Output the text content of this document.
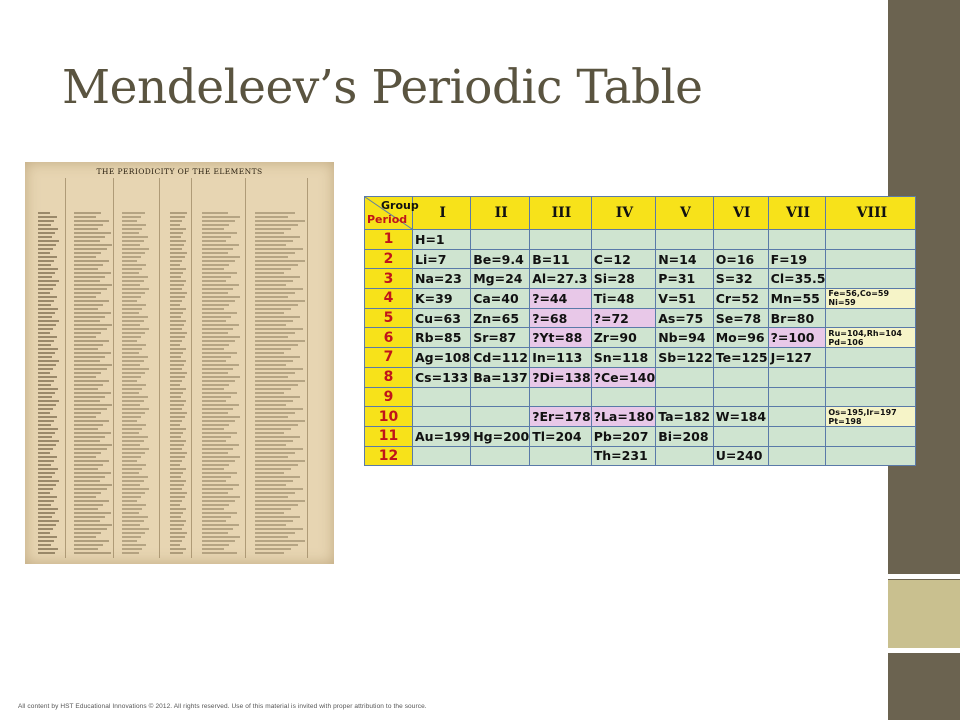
Mendeleev’s Periodic Table
THE PERIODICITY OF THE ELEMENTS
Group
Period	I	II	III	IV	V	VI	VII	VIII
1	H=1							
2	Li=7	Be=9.4	B=11	C=12	N=14	O=16	F=19	
3	Na=23	Mg=24	Al=27.3	Si=28	P=31	S=32	Cl=35.5	
4	K=39	Ca=40	?=44	Ti=48	V=51	Cr=52	Mn=55	Fe=56,Co=59 Ni=59
5	Cu=63	Zn=65	?=68	?=72	As=75	Se=78	Br=80	
6	Rb=85	Sr=87	?Yt=88	Zr=90	Nb=94	Mo=96	?=100	Ru=104,Rh=104 Pd=106
7	Ag=108	Cd=112	In=113	Sn=118	Sb=122	Te=125	J=127	
8	Cs=133	Ba=137	?Di=138	?Ce=140				
9								
10			?Er=178	?La=180	Ta=182	W=184		Os=195,Ir=197 Pt=198
11	Au=199	Hg=200	Tl=204	Pb=207	Bi=208			
12				Th=231		U=240		
All content by HST Educational Innovations © 2012. All rights reserved. Use of this material is invited with proper attribution to the source.
